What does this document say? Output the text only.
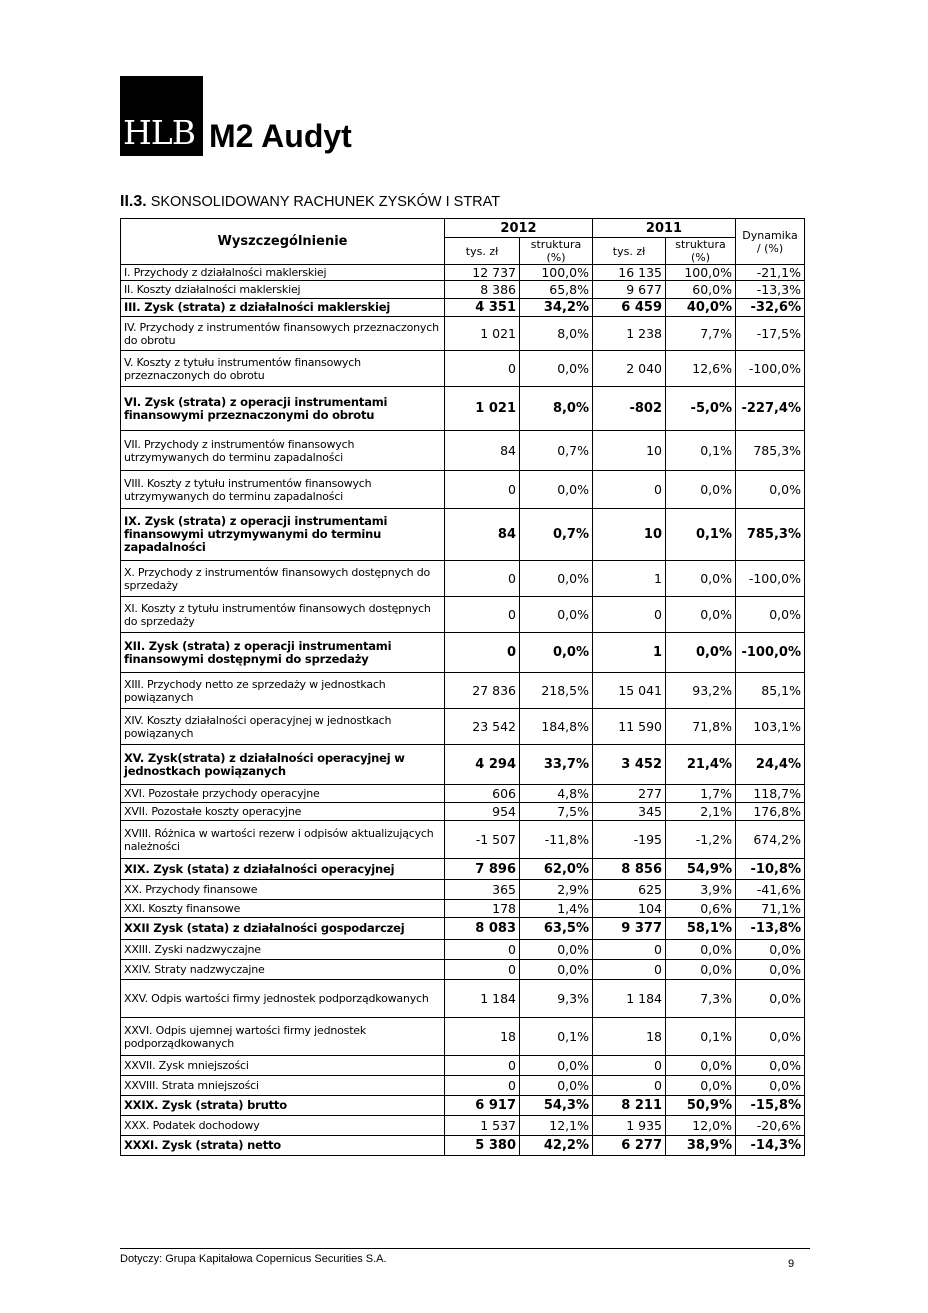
HLB M2 Audyt
II.3. SKONSOLIDOWANY RACHUNEK ZYSKÓW I STRAT
Wyszczególnienie	2012		2011		Dynamika / (%)
	tys. zł	struktura (%)	tys. zł	struktura (%)	
I. Przychody z działalności maklerskiej	12 737	100,0%	16 135	100,0%	-21,1%
II. Koszty działalności maklerskiej	8 386	65,8%	9 677	60,0%	-13,3%
III. Zysk (strata) z działalności maklerskiej	4 351	34,2%	6 459	40,0%	-32,6%
IV. Przychody z instrumentów finansowych przeznaczonych do obrotu	1 021	8,0%	1 238	7,7%	-17,5%
V. Koszty z tytułu instrumentów finansowych przeznaczonych do obrotu	0	0,0%	2 040	12,6%	-100,0%
VI. Zysk (strata) z operacji instrumentami finansowymi przeznaczonymi do obrotu	1 021	8,0%	-802	-5,0%	-227,4%
VII. Przychody z instrumentów finansowych utrzymywanych do terminu zapadalności	84	0,7%	10	0,1%	785,3%
VIII. Koszty z tytułu instrumentów finansowych utrzymywanych do terminu zapadalności	0	0,0%	0	0,0%	0,0%
IX. Zysk (strata) z operacji instrumentami finansowymi utrzymywanymi do terminu zapadalności	84	0,7%	10	0,1%	785,3%
X. Przychody z instrumentów finansowych dostępnych do sprzedaży	0	0,0%	1	0,0%	-100,0%
XI. Koszty z tytułu instrumentów finansowych dostępnych do sprzedaży	0	0,0%	0	0,0%	0,0%
XII. Zysk (strata) z operacji instrumentami finansowymi dostępnymi do sprzedaży	0	0,0%	1	0,0%	-100,0%
XIII. Przychody netto ze sprzedaży w jednostkach powiązanych	27 836	218,5%	15 041	93,2%	85,1%
XIV. Koszty działalności operacyjnej w jednostkach powiązanych	23 542	184,8%	11 590	71,8%	103,1%
XV. Zysk(strata) z działalności operacyjnej w jednostkach powiązanych	4 294	33,7%	3 452	21,4%	24,4%
XVI. Pozostałe przychody operacyjne	606	4,8%	277	1,7%	118,7%
XVII. Pozostałe koszty operacyjne	954	7,5%	345	2,1%	176,8%
XVIII. Różnica w wartości rezerw i odpisów aktualizujących należności	-1 507	-11,8%	-195	-1,2%	674,2%
XIX. Zysk (stata) z działalności operacyjnej	7 896	62,0%	8 856	54,9%	-10,8%
XX. Przychody finansowe	365	2,9%	625	3,9%	-41,6%
XXI. Koszty finansowe	178	1,4%	104	0,6%	71,1%
XXII Zysk (stata) z działalności gospodarczej	8 083	63,5%	9 377	58,1%	-13,8%
XXIII. Zyski nadzwyczajne	0	0,0%	0	0,0%	0,0%
XXIV. Straty nadzwyczajne	0	0,0%	0	0,0%	0,0%
XXV. Odpis wartości firmy jednostek podporządkowanych	1 184	9,3%	1 184	7,3%	0,0%
XXVI. Odpis ujemnej wartości firmy jednostek podporządkowanych	18	0,1%	18	0,1%	0,0%
XXVII. Zysk mniejszości	0	0,0%	0	0,0%	0,0%
XXVIII. Strata mniejszości	0	0,0%	0	0,0%	0,0%
XXIX. Zysk (strata) brutto	6 917	54,3%	8 211	50,9%	-15,8%
XXX. Podatek dochodowy	1 537	12,1%	1 935	12,0%	-20,6%
XXXI. Zysk (strata) netto	5 380	42,2%	6 277	38,9%	-14,3%
Dotyczy: Grupa Kapitałowa Copernicus Securities S.A.	9
